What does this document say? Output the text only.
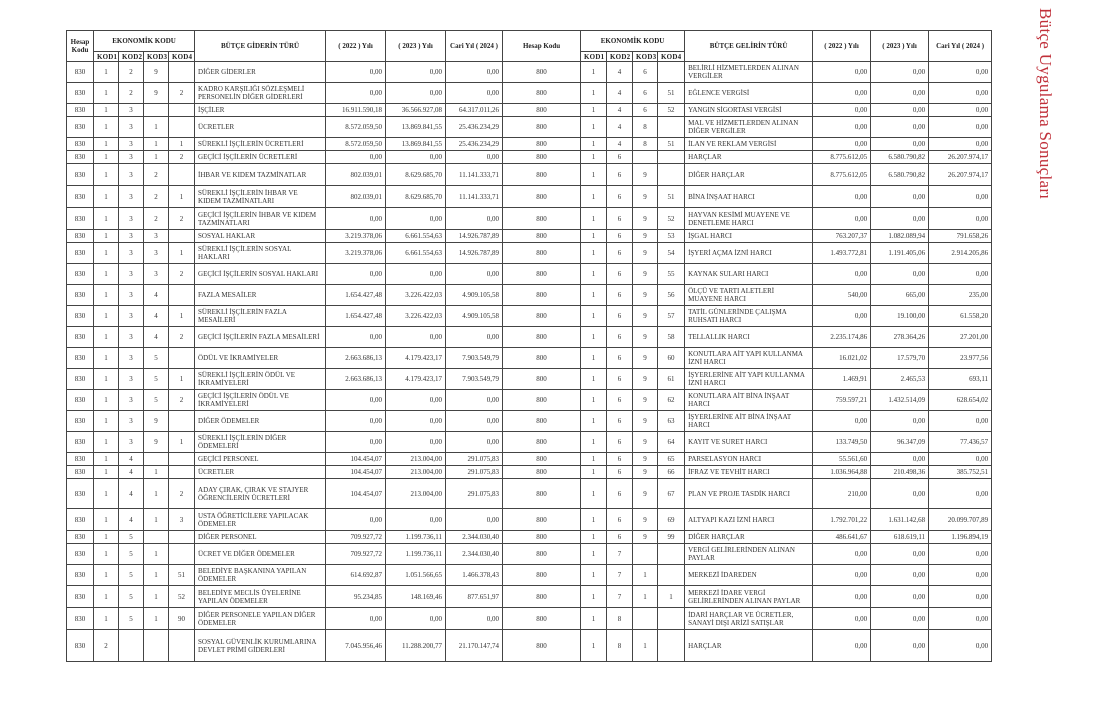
Hesap Kodu	EKONOMİK KODU				BÜTÇE GİDERİN TÜRÜ	( 2022 ) Yılı	( 2023 ) Yılı	Cari Yıl ( 2024 )	Hesap Kodu	EKONOMİK KODU				BÜTÇE GELİRİN TÜRÜ	( 2022 ) Yılı	( 2023 ) Yılı	Cari Yıl ( 2024 )
	KOD1	KOD2	KOD3	KOD4						KOD1	KOD2	KOD3	KOD4				
830	1	2	9		DİĞER GİDERLER	0,00	0,00	0,00	800	1	4	6		BELİRLİ HİZMETLERDEN ALINAN VERGİLER	0,00	0,00	0,00
830	1	2	9	2	KADRO KARŞILIĞI SÖZLEŞMELİ PERSONELİN DİĞER GİDERLERİ	0,00	0,00	0,00	800	1	4	6	51	EĞLENCE VERGİSİ	0,00	0,00	0,00
830	1	3			İŞÇİLER	16.911.590,18	36.566.927,08	64.317.011,26	800	1	4	6	52	YANGIN SİGORTASI VERGİSİ	0,00	0,00	0,00
830	1	3	1		ÜCRETLER	8.572.059,50	13.869.841,55	25.436.234,29	800	1	4	8		MAL VE HİZMETLERDEN ALINAN DİĞER VERGİLER	0,00	0,00	0,00
830	1	3	1	1	SÜREKLİ İŞÇİLERİN ÜCRETLERİ	8.572.059,50	13.869.841,55	25.436.234,29	800	1	4	8	51	İLAN VE REKLAM VERGİSİ	0,00	0,00	0,00
830	1	3	1	2	GEÇİCİ İŞÇİLERİN ÜCRETLERİ	0,00	0,00	0,00	800	1	6			HARÇLAR	8.775.612,05	6.580.790,82	26.207.974,17
830	1	3	2		İHBAR VE KIDEM TAZMİNATLAR	802.039,01	8.629.685,70	11.141.333,71	800	1	6	9		DİĞER HARÇLAR	8.775.612,05	6.580.790,82	26.207.974,17
830	1	3	2	1	SÜREKLİ İŞÇİLERİN İHBAR VE KIDEM TAZMİNATLARI	802.039,01	8.629.685,70	11.141.333,71	800	1	6	9	51	BİNA İNŞAAT HARCI	0,00	0,00	0,00
830	1	3	2	2	GEÇİCİ İŞÇİLERİN İHBAR VE KIDEM TAZMİNATLARI	0,00	0,00	0,00	800	1	6	9	52	HAYVAN KESİMİ MUAYENE VE DENETLEME HARCI	0,00	0,00	0,00
830	1	3	3		SOSYAL HAKLAR	3.219.378,06	6.661.554,63	14.926.787,89	800	1	6	9	53	İŞGAL HARCI	763.207,37	1.082.089,94	791.658,26
830	1	3	3	1	SÜREKLİ İŞÇİLERİN SOSYAL HAKLARI	3.219.378,06	6.661.554,63	14.926.787,89	800	1	6	9	54	İŞYERİ AÇMA İZNİ HARCI	1.493.772,81	1.191.405,06	2.914.205,86
830	1	3	3	2	GEÇİCİ İŞÇİLERİN SOSYAL HAKLARI	0,00	0,00	0,00	800	1	6	9	55	KAYNAK SULARI HARCI	0,00	0,00	0,00
830	1	3	4		FAZLA MESAİLER	1.654.427,48	3.226.422,03	4.909.105,58	800	1	6	9	56	ÖLÇÜ VE TARTI ALETLERİ MUAYENE HARCI	540,00	665,00	235,00
830	1	3	4	1	SÜREKLİ İŞÇİLERİN FAZLA MESAİLERİ	1.654.427,48	3.226.422,03	4.909.105,58	800	1	6	9	57	TATİL GÜNLERİNDE ÇALIŞMA RUHSATI HARCI	0,00	19.100,00	61.558,20
830	1	3	4	2	GEÇİCİ İŞÇİLERİN FAZLA MESAİLERİ	0,00	0,00	0,00	800	1	6	9	58	TELLALLIK HARCI	2.235.174,86	278.364,26	27.201,00
830	1	3	5		ÖDÜL VE İKRAMİYELER	2.663.686,13	4.179.423,17	7.903.549,79	800	1	6	9	60	KONUTLARA AİT YAPI KULLANMA İZNİ HARCI	16.021,02	17.579,70	23.977,56
830	1	3	5	1	SÜREKLİ İŞÇİLERİN ÖDÜL VE İKRAMİYELERİ	2.663.686,13	4.179.423,17	7.903.549,79	800	1	6	9	61	İŞYERLERİNE AİT YAPI KULLANMA İZNİ HARCI	1.469,91	2.465,53	693,11
830	1	3	5	2	GEÇİCİ İŞÇİLERİN ÖDÜL VE İKRAMİYELERİ	0,00	0,00	0,00	800	1	6	9	62	KONUTLARA AİT BİNA İNŞAAT HARCI	759.597,21	1.432.514,09	628.654,02
830	1	3	9		DİĞER ÖDEMELER	0,00	0,00	0,00	800	1	6	9	63	İŞYERLERİNE AİT BİNA İNŞAAT HARCI	0,00	0,00	0,00
830	1	3	9	1	SÜREKLİ İŞÇİLERİN DİĞER ÖDEMELERİ	0,00	0,00	0,00	800	1	6	9	64	KAYIT VE SURET HARCI	133.749,50	96.347,09	77.436,57
830	1	4			GEÇİCİ PERSONEL	104.454,07	213.004,00	291.075,83	800	1	6	9	65	PARSELASYON HARCI	55.561,60	0,00	0,00
830	1	4	1		ÜCRETLER	104.454,07	213.004,00	291.075,83	800	1	6	9	66	İFRAZ VE TEVHİT HARCI	1.036.964,88	210.498,36	385.752,51
830	1	4	1	2	ADAY ÇIRAK, ÇIRAK VE STAJYER ÖĞRENCİLERİN ÜCRETLERİ	104.454,07	213.004,00	291.075,83	800	1	6	9	67	PLAN VE PROJE TASDİK HARCI	210,00	0,00	0,00
830	1	4	1	3	USTA ÖĞRETİCİLERE YAPILACAK ÖDEMELER	0,00	0,00	0,00	800	1	6	9	69	ALTYAPI KAZI İZNİ HARCI	1.792.701,22	1.631.142,68	20.099.707,89
830	1	5			DİĞER PERSONEL	709.927,72	1.199.736,11	2.344.030,40	800	1	6	9	99	DİĞER HARÇLAR	486.641,67	618.619,11	1.196.894,19
830	1	5	1		ÜCRET VE DİĞER ÖDEMELER	709.927,72	1.199.736,11	2.344.030,40	800	1	7			VERGİ GELİRLERİNDEN ALINAN PAYLAR	0,00	0,00	0,00
830	1	5	1	51	BELEDİYE BAŞKANINA YAPILAN ÖDEMELER	614.692,87	1.051.566,65	1.466.378,43	800	1	7	1		MERKEZİ İDAREDEN	0,00	0,00	0,00
830	1	5	1	52	BELEDİYE MECLİS ÜYELERİNE YAPILAN ÖDEMELER	95.234,85	148.169,46	877.651,97	800	1	7	1	1	MERKEZİ İDARE VERGİ GELİRLERİNDEN ALINAN PAYLAR	0,00	0,00	0,00
830	1	5	1	90	DİĞER PERSONELE YAPILAN DİĞER ÖDEMELER	0,00	0,00	0,00	800	1	8			İDARİ HARÇLAR VE ÜCRETLER, SANAYİ DIŞI ARİZİ SATIŞLAR	0,00	0,00	0,00
830	2				SOSYAL GÜVENLİK KURUMLARINA DEVLET PRİMİ GİDERLERİ	7.045.956,46	11.288.200,77	21.170.147,74	800	1	8	1		HARÇLAR	0,00	0,00	0,00
Bütçe Uygulama Sonuçları
